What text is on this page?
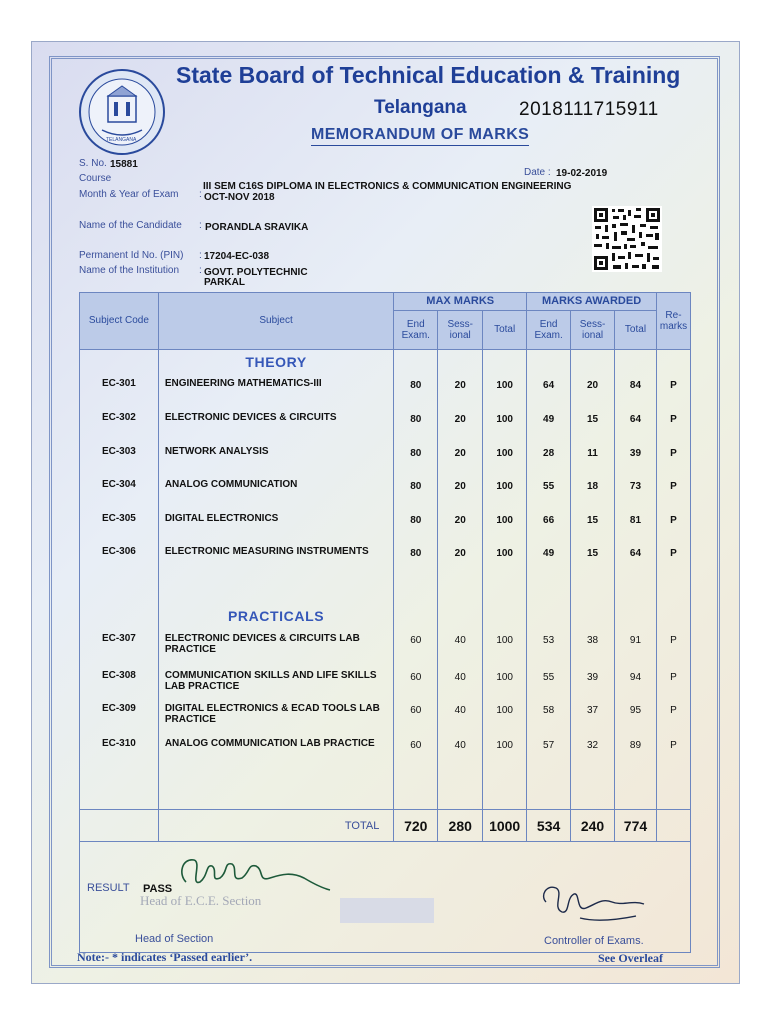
TELANGANA
State Board of Technical Education & Training
Telangana	2018111715911
MEMORANDUM OF MARKS
S. No. 15881
Date : 19-02-2019
Course
III SEM C16S DIPLOMA IN ELECTRONICS & COMMUNICATION ENGINEERING
Month & Year of Exam : OCT-NOV 2018
Name of the Candidate : PORANDLA SRAVIKA
Permanent Id No. (PIN) : 17204-EC-038
Name of the Institution : GOVT. POLYTECHNIC
PARKAL
Subject Code	Subject	MAX MARKS			MARKS AWARDED			Re-marks
		End Exam.	Sess-ional	Total	End Exam.	Sess-ional	Total	
	THEORY							
EC-301	ENGINEERING MATHEMATICS-III	80	20	100	64	20	84	P
EC-302	ELECTRONIC DEVICES & CIRCUITS	80	20	100	49	15	64	P
EC-303	NETWORK ANALYSIS	80	20	100	28	11	39	P
EC-304	ANALOG COMMUNICATION	80	20	100	55	18	73	P
EC-305	DIGITAL ELECTRONICS	80	20	100	66	15	81	P
EC-306	ELECTRONIC MEASURING INSTRUMENTS	80	20	100	49	15	64	P
	PRACTICALS							
EC-307	ELECTRONIC DEVICES & CIRCUITS LAB PRACTICE	60	40	100	53	38	91	P
EC-308	COMMUNICATION SKILLS AND LIFE SKILLS LAB PRACTICE	60	40	100	55	39	94	P
EC-309	DIGITAL ELECTRONICS & ECAD TOOLS LAB PRACTICE	60	40	100	58	37	95	P
EC-310	ANALOG COMMUNICATION LAB PRACTICE	60	40	100	57	32	89	P
	TOTAL	720	280	1000	534	240	774	
RESULT PASS
Head of E.C.E. Section
Head of Section	Controller of Exams.
Note:- * indicates ‘Passed earlier’.	See Overleaf
